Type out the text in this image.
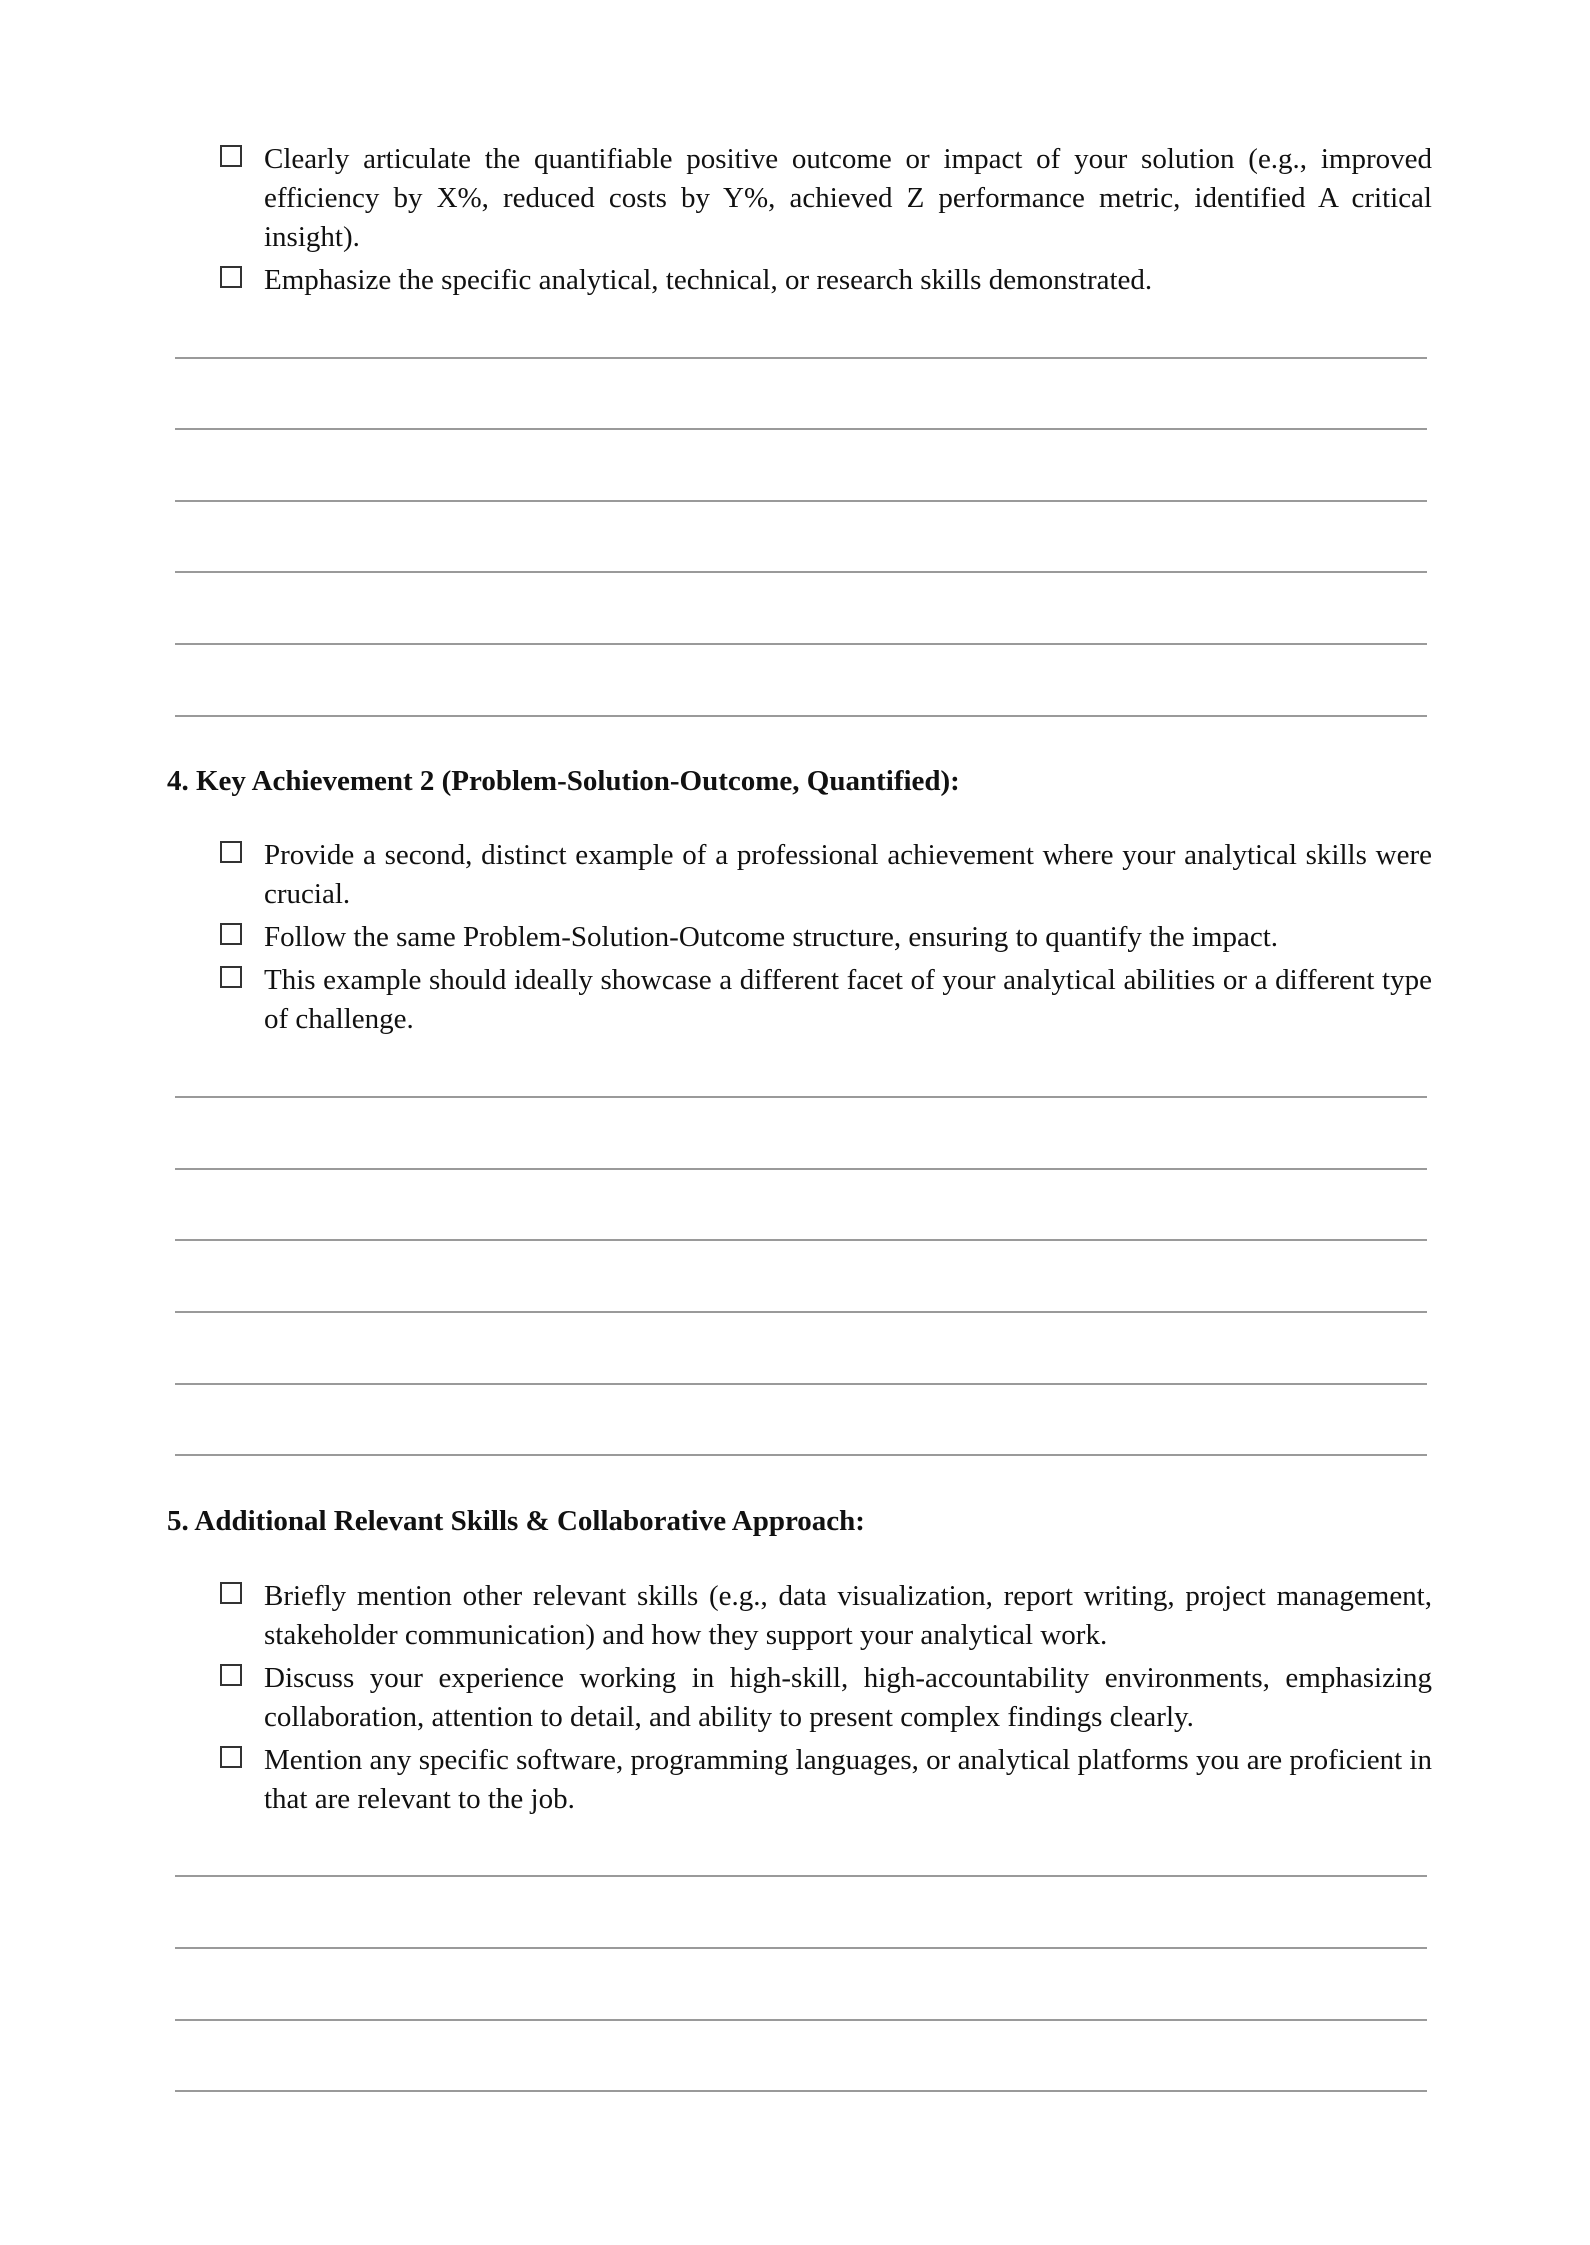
Clearly articulate the quantifiable positive outcome or impact of your solution (e.g., improved efficiency by X%, reduced costs by Y%, achieved Z performance metric, identified A critical insight).
Emphasize the specific analytical, technical, or research skills demonstrated.
4. Key Achievement 2 (Problem-Solution-Outcome, Quantified):
Provide a second, distinct example of a professional achievement where your analytical skills were crucial.
Follow the same Problem-Solution-Outcome structure, ensuring to quantify the impact.
This example should ideally showcase a different facet of your analytical abilities or a different type of challenge.
5. Additional Relevant Skills & Collaborative Approach:
Briefly mention other relevant skills (e.g., data visualization, report writing, project management, stakeholder communication) and how they support your analytical work.
Discuss your experience working in high-skill, high-accountability environments, emphasizing collaboration, attention to detail, and ability to present complex findings clearly.
Mention any specific software, programming languages, or analytical platforms you are proficient in that are relevant to the job.
